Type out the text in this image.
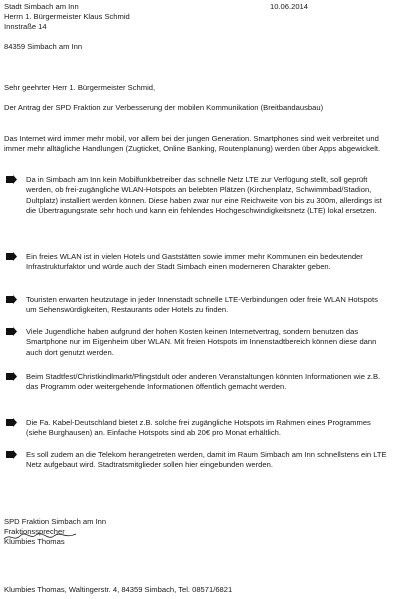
Stadt Simbach am Inn
Herrn 1. Bürgermeister Klaus Schmid
Innstraße 14
84359 Simbach am Inn
10.06.2014
Sehr geehrter Herr 1. Bürgermeister Schmid,
Der Antrag der SPD Fraktion zur Verbesserung der mobilen Kommunikation (Breitbandausbau)
Das Internet wird immer mehr mobil, vor allem bei der jungen Generation. Smartphones sind weit verbreitet und immer mehr alltägliche Handlungen (Zugticket, Online Banking, Routenplanung) werden über Apps abgewickelt.
Da in Simbach am Inn kein Mobilfunkbetreiber das schnelle Netz LTE zur Verfügung stellt, soll geprüft werden, ob frei-zugängliche WLAN-Hotspots an belebten Plätzen (Kirchenplatz, Schwimmbad/Stadion, Dultplatz) installiert werden können. Diese haben zwar nur eine Reichweite von bis zu 300m, allerdings ist die Übertragungsrate sehr hoch und kann ein fehlendes Hochgeschwindigkeitsnetz (LTE) lokal ersetzen.
Ein freies WLAN ist in vielen Hotels und Gaststätten sowie immer mehr Kommunen ein bedeutender Infrastrukturfaktor und würde auch der Stadt Simbach einen moderneren Charakter geben.
Touristen erwarten heutzutage in jeder Innenstadt schnelle LTE-Verbindungen oder freie WLAN Hotspots um Sehenswürdigkeiten, Restaurants oder Hotels zu finden.
Viele Jugendliche haben aufgrund der hohen Kosten keinen Internetvertrag, sondern benutzen das Smartphone nur im Eigenheim über WLAN. Mit freien Hotspots im Innenstadtbereich können diese dann auch dort genutzt werden.
Beim Stadtfest/Christkindlmarkt/Pfingstdult oder anderen Veranstaltungen könnten Informationen wie z.B. das Programm oder weitergehende Informationen öffentlich gemacht werden.
Die Fa. Kabel-Deutschland bietet z.B. solche frei zugängliche Hotspots im Rahmen eines Programmes (siehe Burghausen) an. Einfache Hotspots sind ab 20€ pro Monat erhältlich.
Es soll zudem an die Telekom herangetreten werden, damit im Raum Simbach am Inn schnellstens ein LTE Netz aufgebaut wird. Stadtratsmitglieder sollen hier eingebunden werden.
SPD Fraktion Simbach am Inn
Fraktionssprecher
Klumbies Thomas
Klumbies Thomas, Waltingerstr. 4, 84359 Simbach, Tel. 08571/6821
